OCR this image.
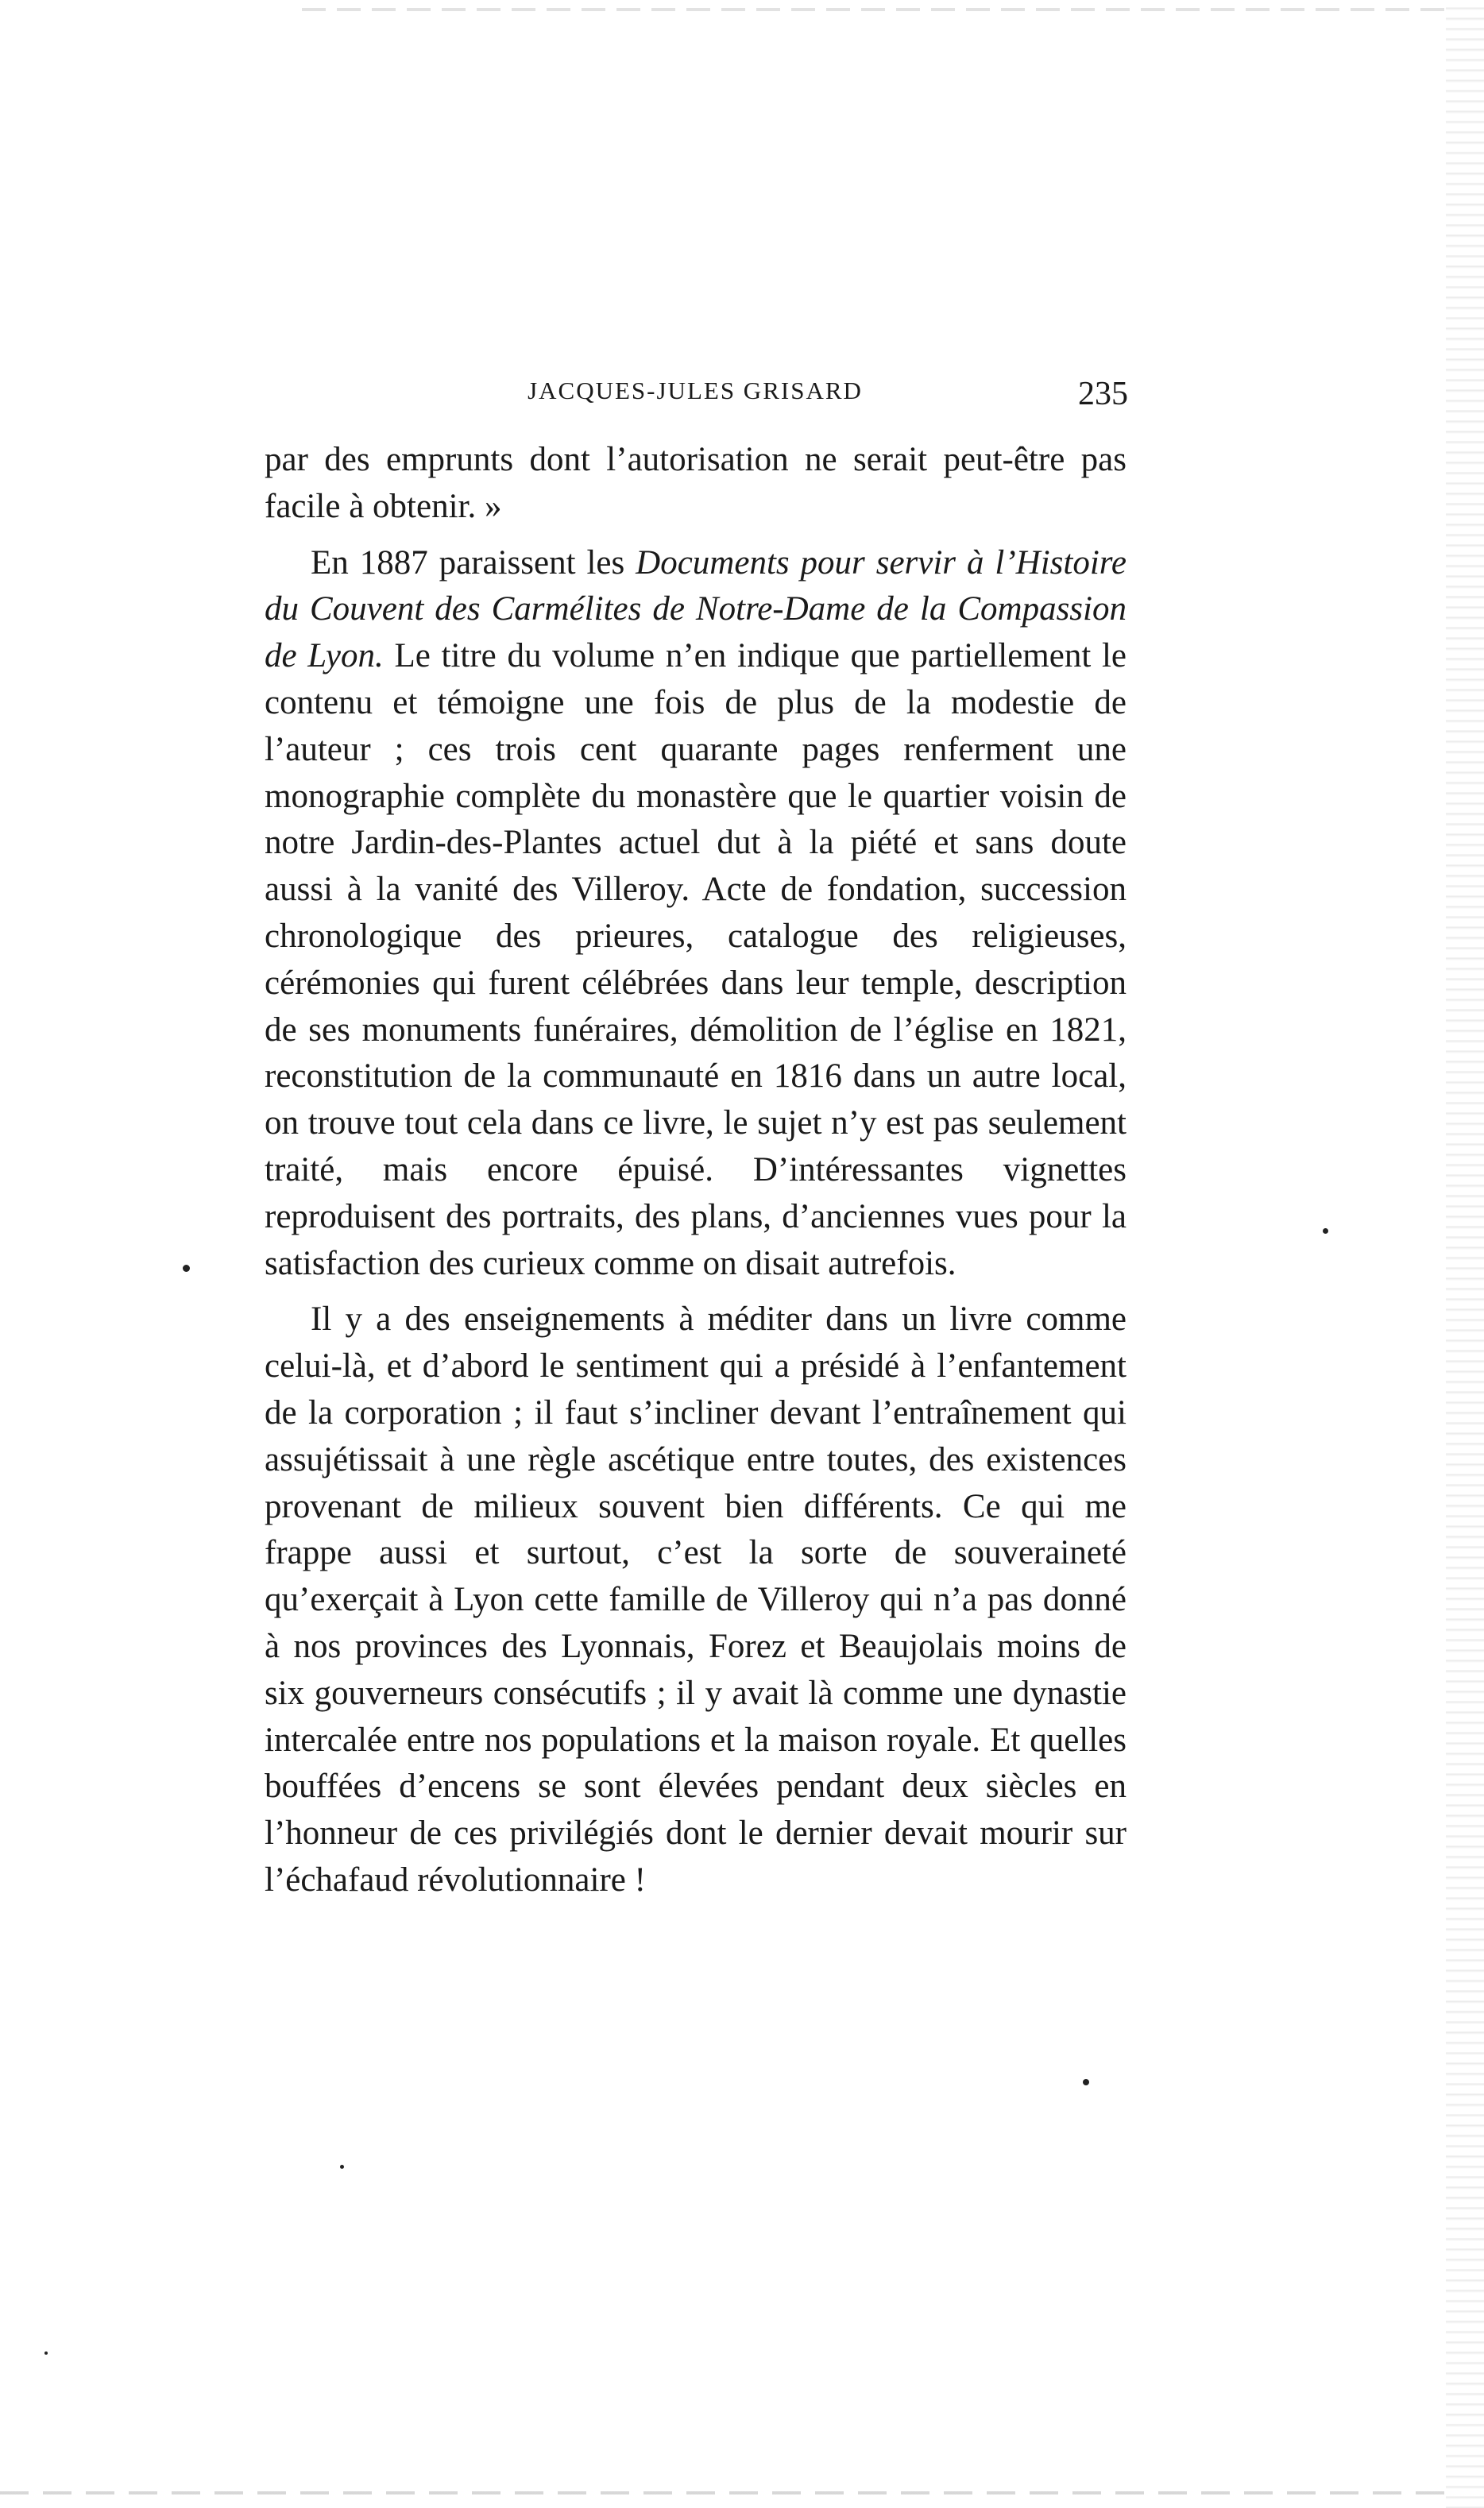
JACQUES-JULES GRISARD	235

par des emprunts dont l’autorisation ne serait peut-être pas facile à obtenir. »

En 1887 paraissent les Documents pour servir à l’Histoire du Couvent des Carmélites de Notre-Dame de la Compassion de Lyon. Le titre du volume n’en indique que partiellement le contenu et témoigne une fois de plus de la modestie de l’auteur ; ces trois cent quarante pages renferment une monographie complète du monastère que le quartier voisin de notre Jardin-des-Plantes actuel dut à la piété et sans doute aussi à la vanité des Villeroy. Acte de fondation, succession chronologique des prieures, catalogue des religieuses, cérémonies qui furent célébrées dans leur temple, description de ses monuments funéraires, démolition de l’église en 1821, reconstitution de la communauté en 1816 dans un autre local, on trouve tout cela dans ce livre, le sujet n’y est pas seulement traité, mais encore épuisé. D’intéressantes vignettes reproduisent des portraits, des plans, d’anciennes vues pour la satisfaction des curieux comme on disait autrefois.

Il y a des enseignements à méditer dans un livre comme celui-là, et d’abord le sentiment qui a présidé à l’enfantement de la corporation ; il faut s’incliner devant l’entraînement qui assujétissait à une règle ascétique entre toutes, des existences provenant de milieux souvent bien différents. Ce qui me frappe aussi et surtout, c’est la sorte de souveraineté qu’exerçait à Lyon cette famille de Villeroy qui n’a pas donné à nos provinces des Lyonnais, Forez et Beaujolais moins de six gouverneurs consécutifs ; il y avait là comme une dynastie intercalée entre nos populations et la maison royale. Et quelles bouffées d’encens se sont élevées pendant deux siècles en l’honneur de ces privilégiés dont le dernier devait mourir sur l’échafaud révolutionnaire !
